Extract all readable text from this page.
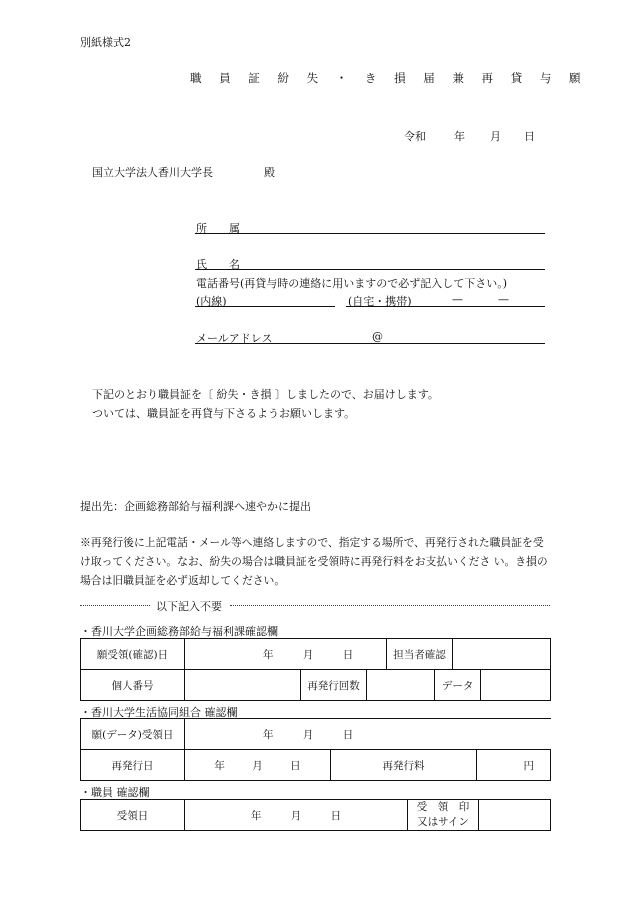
別紙様式2
職 員 証 紛 失 ・ き 損 届 兼 再 貸 与 願
令和	年 月 日
国立大学法人香川大学長	殿
所　　属
氏　　名
電話番号(再貸与時の連絡に用いますので必ず記入して下さい。)
(内線)	(自宅・携帯)	—	—
メールアドレス	@
下記のとおり職員証を〔 紛失・き損 〕しましたので、お届けします。
ついては、職員証を再貸与下さるようお願いします。
提出先：企画総務部給与福利課へ速やかに提出
※再発行後に上記電話・メール等へ連絡しますので、指定する場所で、再発行された職員証を受け取ってください。なお、紛失の場合は職員証を受領時に再発行料をお支払いくださ い。き損の場合は旧職員証を必ず返却してください。
以下記入不要
・香川大学企画総務部給与福利課確認欄
願受領(確認)日	年 月 日			担当者確認			
個人番号		再発行回数			データ		
・香川大学生活協同組合 確認欄
願(データ)受領日	年 月 日		
再発行日	年 月 日	再発行料	円
・職員 確認欄
受領日	年	月	日	
受　領　印
又はサイン
